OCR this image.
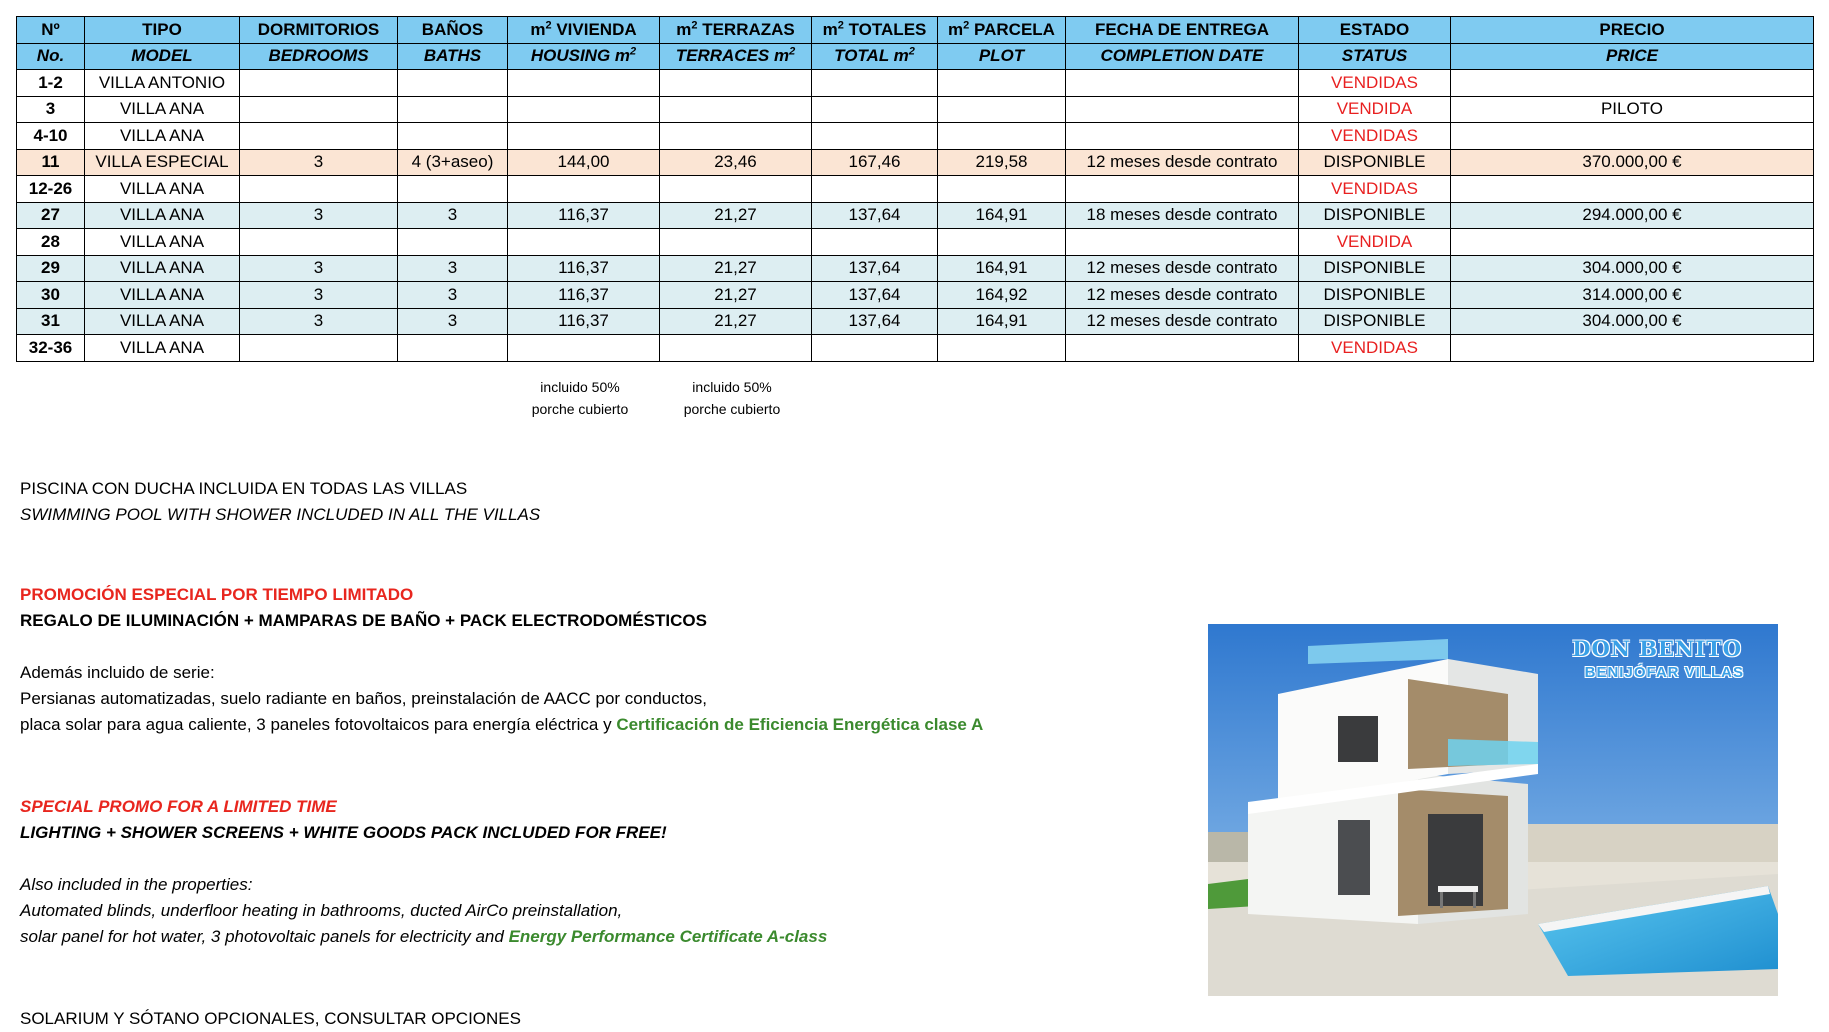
Nº	TIPO	DORMITORIOS	BAÑOS	$m^2$ VIVIENDA	$m^2$ TERRAZAS	$m^2$ TOTALES	$m^2$ PARCELA	FECHA DE ENTREGA	ESTADO	PRECIO
No.	MODEL	BEDROOMS	BATHS	HOUSING $m^2$	TERRACES $m^2$	TOTAL $m^2$	PLOT	COMPLETION DATE	STATUS	PRICE
1-2	VILLA ANTONIO								VENDIDAS	
3	VILLA ANA								VENDIDA	PILOTO
4-10	VILLA ANA								VENDIDAS	
11	VILLA ESPECIAL	3	4 (3+aseo)	144,00	23,46	167,46	219,58	12 meses desde contrato	DISPONIBLE	370.000,00 €
12-26	VILLA ANA								VENDIDAS	
27	VILLA ANA	3	3	116,37	21,27	137,64	164,91	18 meses desde contrato	DISPONIBLE	294.000,00 €
28	VILLA ANA								VENDIDA	
29	VILLA ANA	3	3	116,37	21,27	137,64	164,91	12 meses desde contrato	DISPONIBLE	304.000,00 €
30	VILLA ANA	3	3	116,37	21,27	137,64	164,92	12 meses desde contrato	DISPONIBLE	314.000,00 €
31	VILLA ANA	3	3	116,37	21,27	137,64	164,91	12 meses desde contrato	DISPONIBLE	304.000,00 €
32-36	VILLA ANA								VENDIDAS	
incluido 50%
porche cubierto
incluido 50%
porche cubierto
PISCINA CON DUCHA INCLUIDA EN TODAS LAS VILLAS
SWIMMING POOL WITH SHOWER INCLUDED IN ALL THE VILLAS
PROMOCIÓN ESPECIAL POR TIEMPO LIMITADO
REGALO DE ILUMINACIÓN + MAMPARAS DE BAÑO + PACK ELECTRODOMÉSTICOS
Además incluido de serie:
Persianas automatizadas, suelo radiante en baños, preinstalación de AACC por conductos,
placa solar para agua caliente, 3 paneles fotovoltaicos para energía eléctrica y Certificación de Eficiencia Energética clase A
SPECIAL PROMO FOR A LIMITED TIME
LIGHTING + SHOWER SCREENS + WHITE GOODS PACK INCLUDED FOR FREE!
Also included in the properties:
Automated blinds, underfloor heating in bathrooms, ducted AirCo preinstallation,
solar panel for hot water, 3 photovoltaic panels for electricity and Energy Performance Certificate A-class
SOLARIUM Y SÓTANO OPCIONALES, CONSULTAR OPCIONES
DON BENITO
BENIJÓFAR VILLAS
